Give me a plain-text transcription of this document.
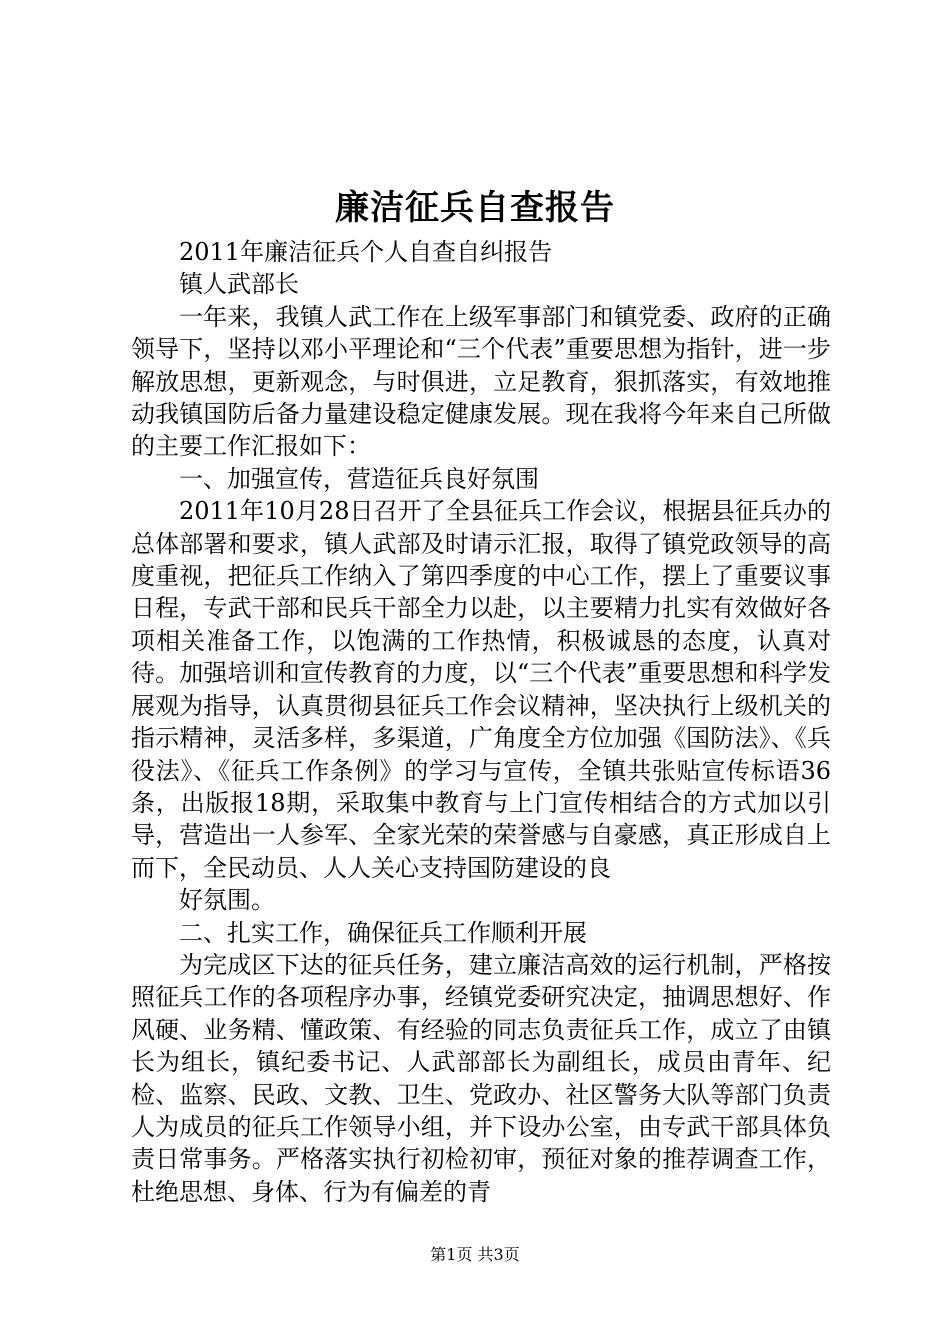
廉洁征兵自查报告

2011年廉洁征兵个人自查自纠报告

镇人武部长

一年来，我镇人武工作在上级军事部门和镇党委、政府的正确领导下，坚持以邓小平理论和“三个代表”重要思想为指针，进一步解放思想，更新观念，与时俱进，立足教育，狠抓落实，有效地推动我镇国防后备力量建设稳定健康发展。现在我将今年来自己所做的主要工作汇报如下：

一、加强宣传，营造征兵良好氛围

2011年10月28日召开了全县征兵工作会议，根据县征兵办的总体部署和要求，镇人武部及时请示汇报，取得了镇党政领导的高度重视，把征兵工作纳入了第四季度的中心工作，摆上了重要议事日程，专武干部和民兵干部全力以赴，以主要精力扎实有效做好各项相关准备工作，以饱满的工作热情，积极诚恳的态度，认真对待。加强培训和宣传教育的力度，以“三个代表”重要思想和科学发展观为指导，认真贯彻县征兵工作会议精神，坚决执行上级机关的指示精神，灵活多样，多渠道，广角度全方位加强《国防法》、《兵役法》、《征兵工作条例》的学习与宣传，全镇共张贴宣传标语36条，出版报18期，采取集中教育与上门宣传相结合的方式加以引导，营造出一人参军、全家光荣的荣誉感与自豪感，真正形成自上而下，全民动员、人人关心支持国防建设的良

好氛围。

二、扎实工作，确保征兵工作顺利开展

为完成区下达的征兵任务，建立廉洁高效的运行机制，严格按照征兵工作的各项程序办事，经镇党委研究决定，抽调思想好、作风硬、业务精、懂政策、有经验的同志负责征兵工作，成立了由镇长为组长，镇纪委书记、人武部部长为副组长，成员由青年、纪检、监察、民政、文教、卫生、党政办、社区警务大队等部门负责人为成员的征兵工作领导小组，并下设办公室，由专武干部具体负责日常事务。严格落实执行初检初审，预征对象的推荐调查工作，杜绝思想、身体、行为有偏差的青

第1页 共3页
